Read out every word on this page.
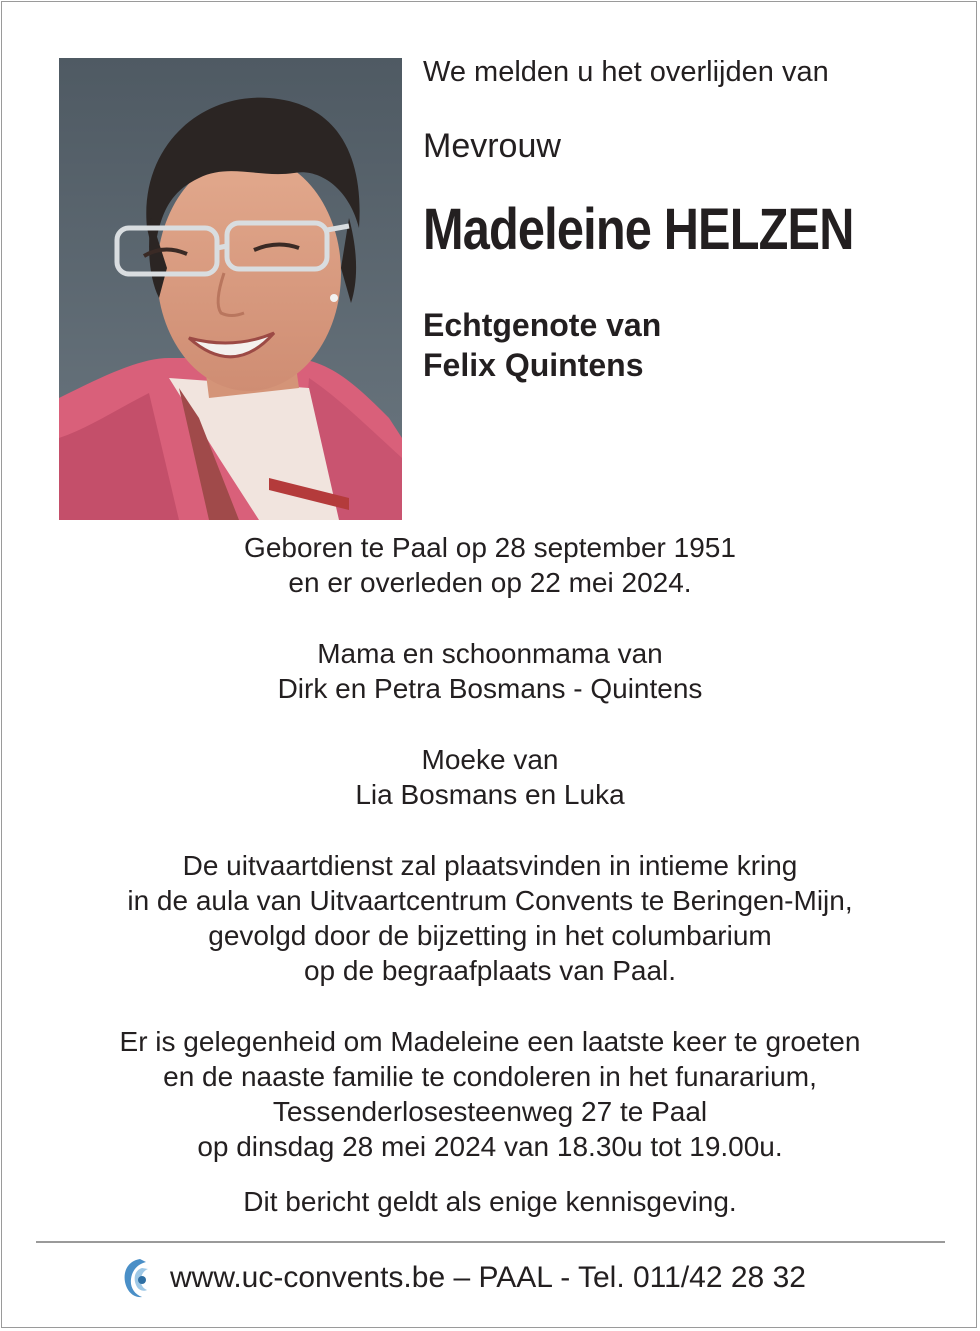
We melden u het overlijden van
Mevrouw
Madeleine HELZEN
Echtgenote van
Felix Quintens
Geboren te Paal op 28 september 1951
en er overleden op 22 mei 2024.
Mama en schoonmama van
Dirk en Petra Bosmans - Quintens
Moeke van
Lia Bosmans en Luka
De uitvaartdienst zal plaatsvinden in intieme kring
in de aula van Uitvaartcentrum Convents te Beringen-Mijn,
gevolgd door de bijzetting in het columbarium
op de begraafplaats van Paal.
Er is gelegenheid om Madeleine een laatste keer te groeten
en de naaste familie te condoleren in het funararium,
Tessenderlosesteenweg 27 te Paal
op dinsdag 28 mei 2024 van 18.30u tot 19.00u.
Dit bericht geldt als enige kennisgeving.
www.uc-convents.be – PAAL - Tel. 011/42 28 32
